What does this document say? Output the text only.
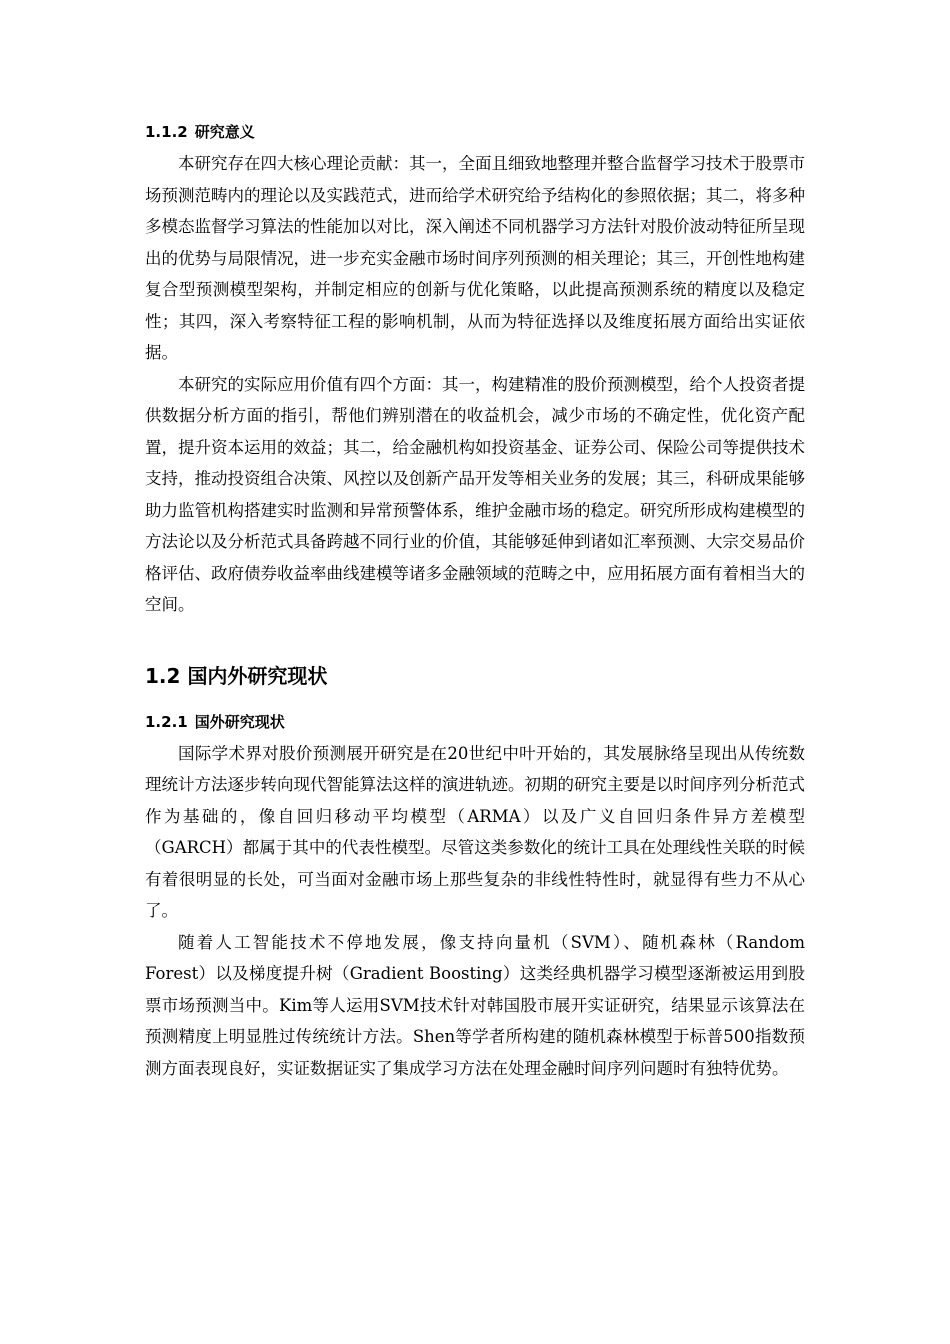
1.1.2 研究意义

本研究存在四大核心理论贡献：其一，全面且细致地整理并整合监督学习技术于股票市场预测范畴内的理论以及实践范式，进而给学术研究给予结构化的参照依据；其二，将多种多模态监督学习算法的性能加以对比，深入阐述不同机器学习方法针对股价波动特征所呈现出的优势与局限情况，进一步充实金融市场时间序列预测的相关理论；其三，开创性地构建复合型预测模型架构，并制定相应的创新与优化策略，以此提高预测系统的精度以及稳定性；其四，深入考察特征工程的影响机制，从而为特征选择以及维度拓展方面给出实证依据。

本研究的实际应用价值有四个方面：其一，构建精准的股价预测模型，给个人投资者提供数据分析方面的指引，帮他们辨别潜在的收益机会，减少市场的不确定性，优化资产配置，提升资本运用的效益；其二，给金融机构如投资基金、证券公司、保险公司等提供技术支持，推动投资组合决策、风控以及创新产品开发等相关业务的发展；其三，科研成果能够助力监管机构搭建实时监测和异常预警体系，维护金融市场的稳定。研究所形成构建模型的方法论以及分析范式具备跨越不同行业的价值，其能够延伸到诸如汇率预测、大宗交易品价格评估、政府债券收益率曲线建模等诸多金融领域的范畴之中，应用拓展方面有着相当大的空间。

1.2 国内外研究现状
1.2.1 国外研究现状

国际学术界对股价预测展开研究是在20世纪中叶开始的，其发展脉络呈现出从传统数理统计方法逐步转向现代智能算法这样的演进轨迹。初期的研究主要是以时间序列分析范式作为基础的，像自回归移动平均模型（ARMA）以及广义自回归条件异方差模型（GARCH）都属于其中的代表性模型。尽管这类参数化的统计工具在处理线性关联的时候有着很明显的长处，可当面对金融市场上那些复杂的非线性特性时，就显得有些力不从心了。

随着人工智能技术不停地发展，像支持向量机（SVM）、随机森林（Random Forest）以及梯度提升树（Gradient Boosting）这类经典机器学习模型逐渐被运用到股票市场预测当中。Kim等人运用SVM技术针对韩国股市展开实证研究，结果显示该算法在预测精度上明显胜过传统统计方法。Shen等学者所构建的随机森林模型于标普500指数预测方面表现良好，实证数据证实了集成学习方法在处理金融时间序列问题时有独特优势。
